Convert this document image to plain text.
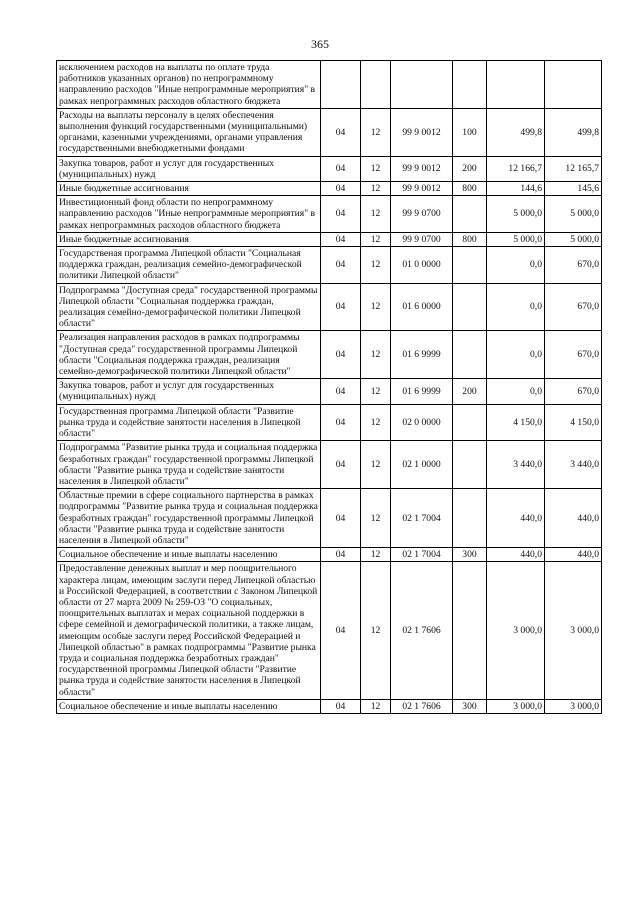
365
исключением расходов на выплаты по оплате труда работников указанных органов) по непрограммному направлению расходов "Иные непрограммные мероприятия" в рамках непрограммных расходов областного бюджета						
Расходы на выплаты персоналу в целях обеспечения выполнения функций государственными (муниципальными) органами, казенными учреждениями, органами управления государственными внебюджетными фондами	04	12	99 9 0012	100	499,8	499,8
Закупка товаров, работ и услуг для государственных (муниципальных) нужд	04	12	99 9 0012	200	12 166,7	12 165,7
Иные бюджетные ассигнования	04	12	99 9 0012	800	144,6	145,6
Инвестиционный фонд области по непрограммному направлению расходов "Иные непрограммные мероприятия" в рамках непрограммных расходов областного бюджета	04	12	99 9 0700		5 000,0	5 000,0
Иные бюджетные ассигнования	04	12	99 9 0700	800	5 000,0	5 000,0
Государственая программа Липецкой области "Социальная поддержка граждан, реализация семейно-демографической политики Липецкой области"	04	12	01 0 0000		0,0	670,0
Подпрограмма "Доступная среда" государственной программы Липецкой области "Социальная поддержка граждан, реализация семейно-демографической политики Липецкой области"	04	12	01 6 0000		0,0	670,0
Реализация направления расходов в рамках подпрограммы "Доступная среда" государственной программы Липецкой области "Социальная поддержка граждан, реализация семейно-демографической политики Липецкой области"	04	12	01 6 9999		0,0	670,0
Закупка товаров, работ и услуг для государственных (муниципальных) нужд	04	12	01 6 9999	200	0,0	670,0
Государственная программа Липецкой области "Развитие рынка труда и содействие занятости населения в Липецкой области"	04	12	02 0 0000		4 150,0	4 150,0
Подпрограмма "Развитие рынка труда и социальная поддержка безработных граждан" государственной программы Липецкой области "Развитие рынка труда и содействие занятости населения в Липецкой области"	04	12	02 1 0000		3 440,0	3 440,0
Областные премии в сфере социального партнерства в рамках подпрограммы "Развитие рынка труда и социальная поддержка безработных граждан" государственной программы Липецкой области "Развитие рынка труда и содействие занятости населения в Липецкой области"	04	12	02 1 7004		440,0	440,0
Социальное обеспечение и иные выплаты населению	04	12	02 1 7004	300	440,0	440,0
Предоставление денежных выплат и мер поощрительного характера лицам, имеющим заслуги перед Липецкой областью и Российской Федерацией, в соответствии с Законом Липецкой области от 27 марта 2009 № 259-ОЗ "О социальных, поощрительных выплатах и мерах социальной поддержки в сфере семейной и демографической политики, а также лицам, имеющим особые заслуги перед Российской Федерацией и Липецкой областью" в рамках подпрограммы "Развитие рынка труда и социальная поддержка безработных граждан" государственной программы Липецкой области "Развитие рынка труда и содействие занятости населения в Липецкой области"	04	12	02 1 7606		3 000,0	3 000,0
Социальное обеспечение и иные выплаты населению	04	12	02 1 7606	300	3 000,0	3 000,0
